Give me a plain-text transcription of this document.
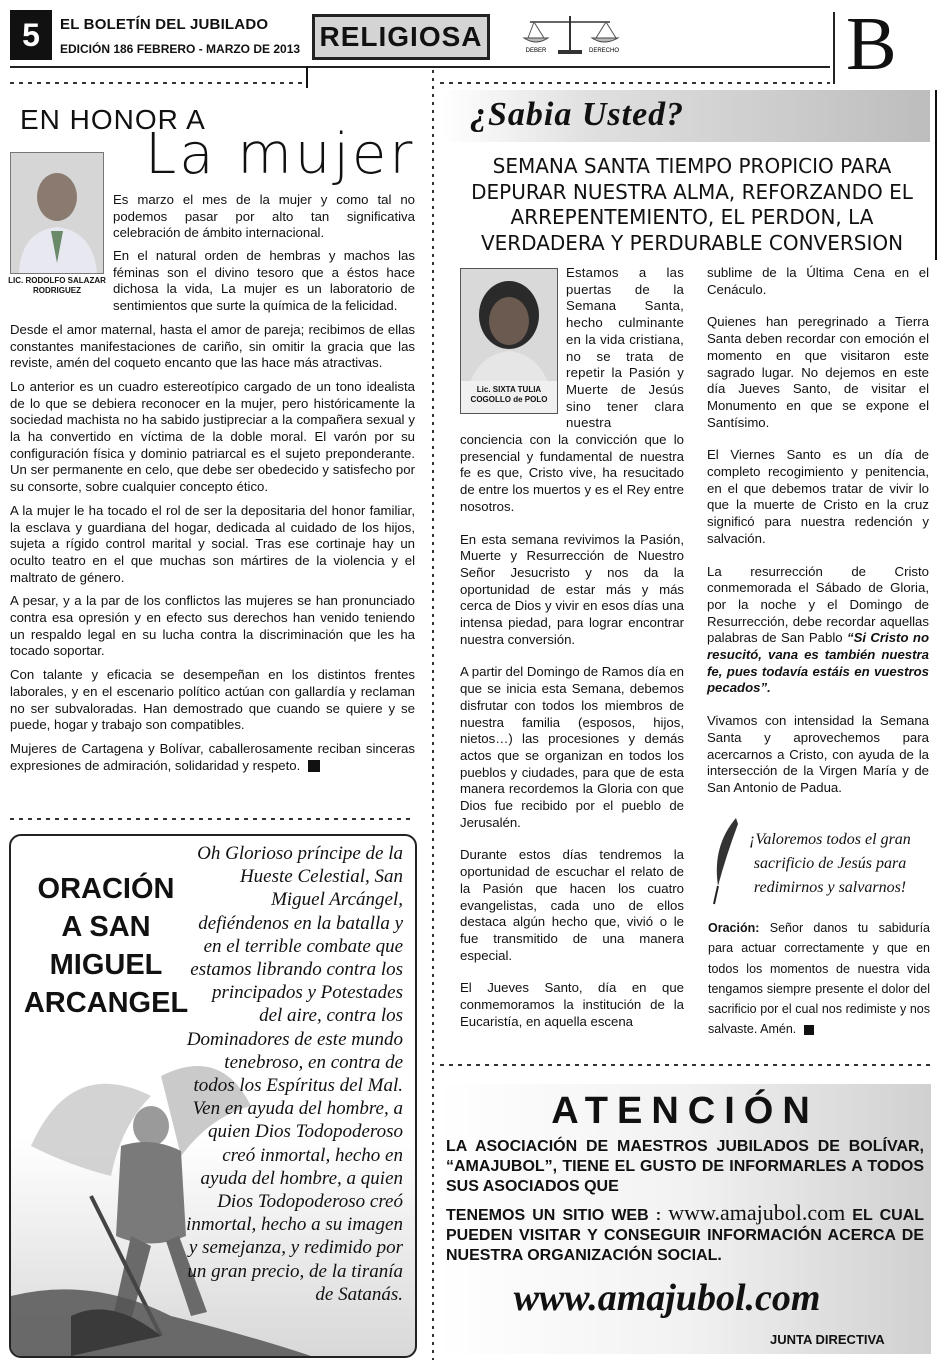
5	EL BOLETÍN DEL JUBILADO
EDICIÓN 186 FEBRERO - MARZO DE 2013 RELIGIOSA	DEBER	DERECHO	B
EN HONOR A
La mujer
LIC. RODOLFO SALAZAR RODRIGUEZ

Es marzo el mes de la mujer y como tal no podemos pasar por alto tan significativa celebración de ámbito internacional.

En el natural orden de hembras y machos las féminas son el divino tesoro que a éstos hace dichosa la vida, La mujer es un laboratorio de sentimientos que surte la química de la felicidad.

Desde el amor maternal, hasta el amor de pareja; recibimos de ellas constantes manifestaciones de cariño, sin omitir la gracia que las reviste, amén del coqueto encanto que las hace más atractivas.

Lo anterior es un cuadro estereotípico cargado de un tono idealista de lo que se debiera reconocer en la mujer, pero históricamente la sociedad machista no ha sabido justipreciar a la compañera sexual y la ha convertido en víctima de la doble moral. El varón por su configuración física y dominio patriarcal es el sujeto preponderante. Un ser permanente en celo, que debe ser obedecido y satisfecho por su consorte, sobre cualquier concepto ético.

A la mujer le ha tocado el rol de ser la depositaria del honor familiar, la esclava y guardiana del hogar, dedicada al cuidado de los hijos, sujeta a rígido control marital y social. Tras ese cortinaje hay un oculto teatro en el que muchas son mártires de la violencia y el maltrato de género.

A pesar, y a la par de los conflictos las mujeres se han pronunciado contra esa opresión y en efecto sus derechos han venido teniendo un respaldo legal en su lucha contra la discriminación que les ha tocado soportar.

Con talante y eficacia se desempeñan en los distintos frentes laborales, y en el escenario político actúan con gallardía y reclaman no ser subvaloradas. Han demostrado que cuando se quiere y se puede, hogar y trabajo son compatibles.

Mujeres de Cartagena y Bolívar, caballerosamente reciban sinceras expresiones de admiración, solidaridad y respeto.

ORACIÓN
A SAN MIGUEL
ARCANGEL
Oh Glorioso príncipe de la Hueste Celestial, San Miguel Arcángel, defiéndenos en la batalla y en el terrible combate que estamos librando contra los principados y Potestades del aire, contra los Dominadores de este mundo tenebroso, en contra de todos los Espíritus del Mal. Ven en ayuda del hombre, a quien Dios Todopoderoso creó inmortal, hecho en ayuda del hombre, a quien Dios Todopoderoso creó inmortal, hecho a su imagen y semejanza, y redimido por un gran precio, de la tiranía de Satanás.
¿Sabia Usted?
SEMANA SANTA TIEMPO PROPICIO PARA DEPURAR NUESTRA ALMA, REFORZANDO EL ARREPENTEMIENTO, EL PERDON, LA VERDADERA Y PERDURABLE CONVERSION
Lic. SIXTA TULIA COGOLLO de POLO
Estamos a las puertas de la Semana Santa, hecho culminante en la vida cristiana, no se trata de repetir la Pasión y Muerte de Jesús sino tener clara nuestra

conciencia con la convicción que lo presencial y fundamental de nuestra fe es que, Cristo vive, ha resucitado de entre los muertos y es el Rey entre nosotros.

En esta semana revivimos la Pasión, Muerte y Resurrección de Nuestro Señor Jesucristo y nos da la oportunidad de estar más y más cerca de Dios y vivir en esos días una intensa piedad, para lograr encontrar nuestra conversión.

A partir del Domingo de Ramos día en que se inicia esta Semana, debemos disfrutar con todos los miembros de nuestra familia (esposos, hijos, nietos…) las procesiones y demás actos que se organizan en todos los pueblos y ciudades, para que de esta manera recordemos la Gloria con que Dios fue recibido por el pueblo de Jerusalén.

Durante estos días tendremos la oportunidad de escuchar el relato de la Pasión que hacen los cuatro evangelistas, cada uno de ellos destaca algún hecho que, vivió o le fue transmitido de una manera especial.

El Jueves Santo, día en que conmemoramos la institución de la Eucaristía, en aquella escena

sublime de la Última Cena en el Cenáculo.

Quienes han peregrinado a Tierra Santa deben recordar con emoción el momento en que visitaron este sagrado lugar. No dejemos en este día Jueves Santo, de visitar el Monumento en que se expone el Santísimo.

El Viernes Santo es un día de completo recogimiento y penitencia, en el que debemos tratar de vivir lo que la muerte de Cristo en la cruz significó para nuestra redención y salvación.

La resurrección de Cristo conmemorada el Sábado de Gloria, por la noche y el Domingo de Resurrección, debe recordar aquellas palabras de San Pablo “Si Cristo no resucitó, vana es también nuestra fe, pues todavía estáis en vuestros pecados”.

Vivamos con intensidad la Semana Santa y aprovechemos para acercarnos a Cristo, con ayuda de la intersección de la Virgen María y de San Antonio de Padua.

¡Valoremos todos el gran sacrificio de Jesús para redimirnos y salvarnos!
Oración: Señor danos tu sabiduría para actuar correctamente y que en todos los momentos de nuestra vida tengamos siempre presente el dolor del sacrificio por el cual nos redimiste y nos salvaste. Amén.
ATENCIÓN
LA ASOCIACIÓN DE MAESTROS JUBILADOS DE BOLÍVAR, “AMAJUBOL”, TIENE EL GUSTO DE INFORMARLES A TODOS SUS ASOCIADOS QUE
TENEMOS UN SITIO WEB : www.amajubol.com EL CUAL PUEDEN VISITAR Y CONSEGUIR INFORMACIÓN ACERCA DE NUESTRA ORGANIZACIÓN SOCIAL.
www.amajubol.com
JUNTA DIRECTIVA
